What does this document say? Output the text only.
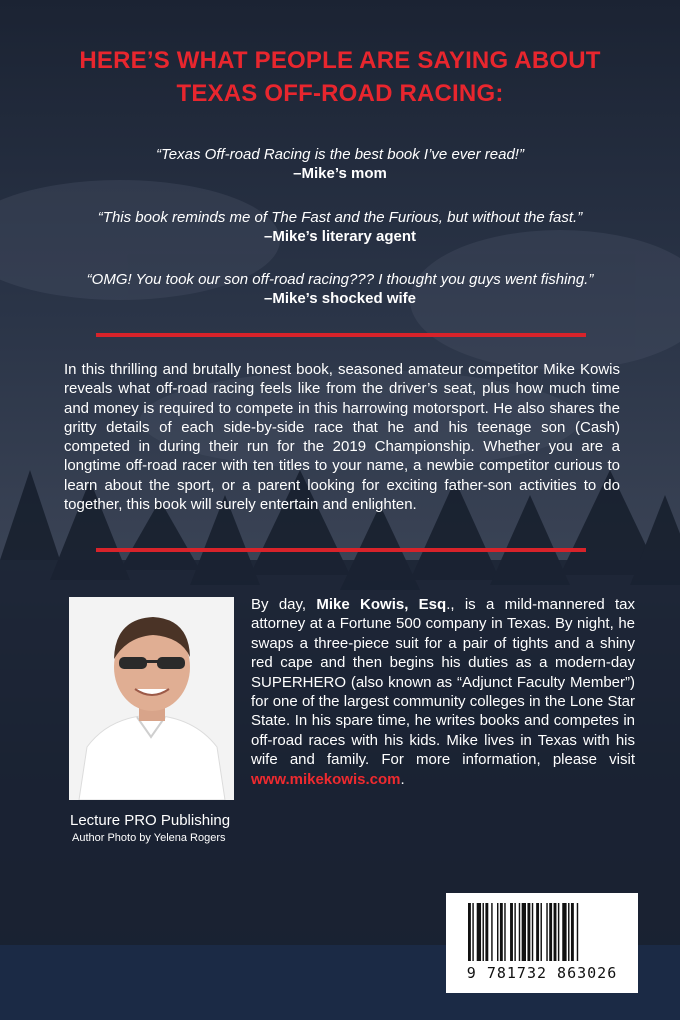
HERE’S WHAT PEOPLE ARE SAYING ABOUT
TEXAS OFF-ROAD RACING:
“Texas Off-road Racing is the best book I’ve ever read!”
–Mike’s mom
“This book reminds me of The Fast and the Furious, but without the fast.”
–Mike’s literary agent
“OMG! You took our son off-road racing??? I thought you guys went fishing.”
–Mike’s shocked wife

In this thrilling and brutally honest book, seasoned amateur competitor Mike Kowis reveals what off-road racing feels like from the driver’s seat, plus how much time and money is required to compete in this harrowing motorsport. He also shares the gritty details of each side-by-side race that he and his teenage son (Cash) competed in during their run for the 2019 Championship. Whether you are a longtime off-road racer with ten titles to your name, a newbie competitor curious to learn about the sport, or a parent looking for exciting father-son activities to do together, this book will surely entertain and enlighten.

Lecture PRO Publishing
Author Photo by Yelena Rogers

By day, Mike Kowis, Esq., is a mild-mannered tax attorney at a Fortune 500 company in Texas. By night, he swaps a three-piece suit for a pair of tights and a shiny red cape and then begins his duties as a modern-day SUPERHERO (also known as “Adjunct Faculty Member”) for one of the largest community colleges in the Lone Star State. In his spare time, he writes books and competes in off-road races with his kids. Mike lives in Texas with his wife and family. For more information, please visit www.mikekowis.com.

9 781732 863026
